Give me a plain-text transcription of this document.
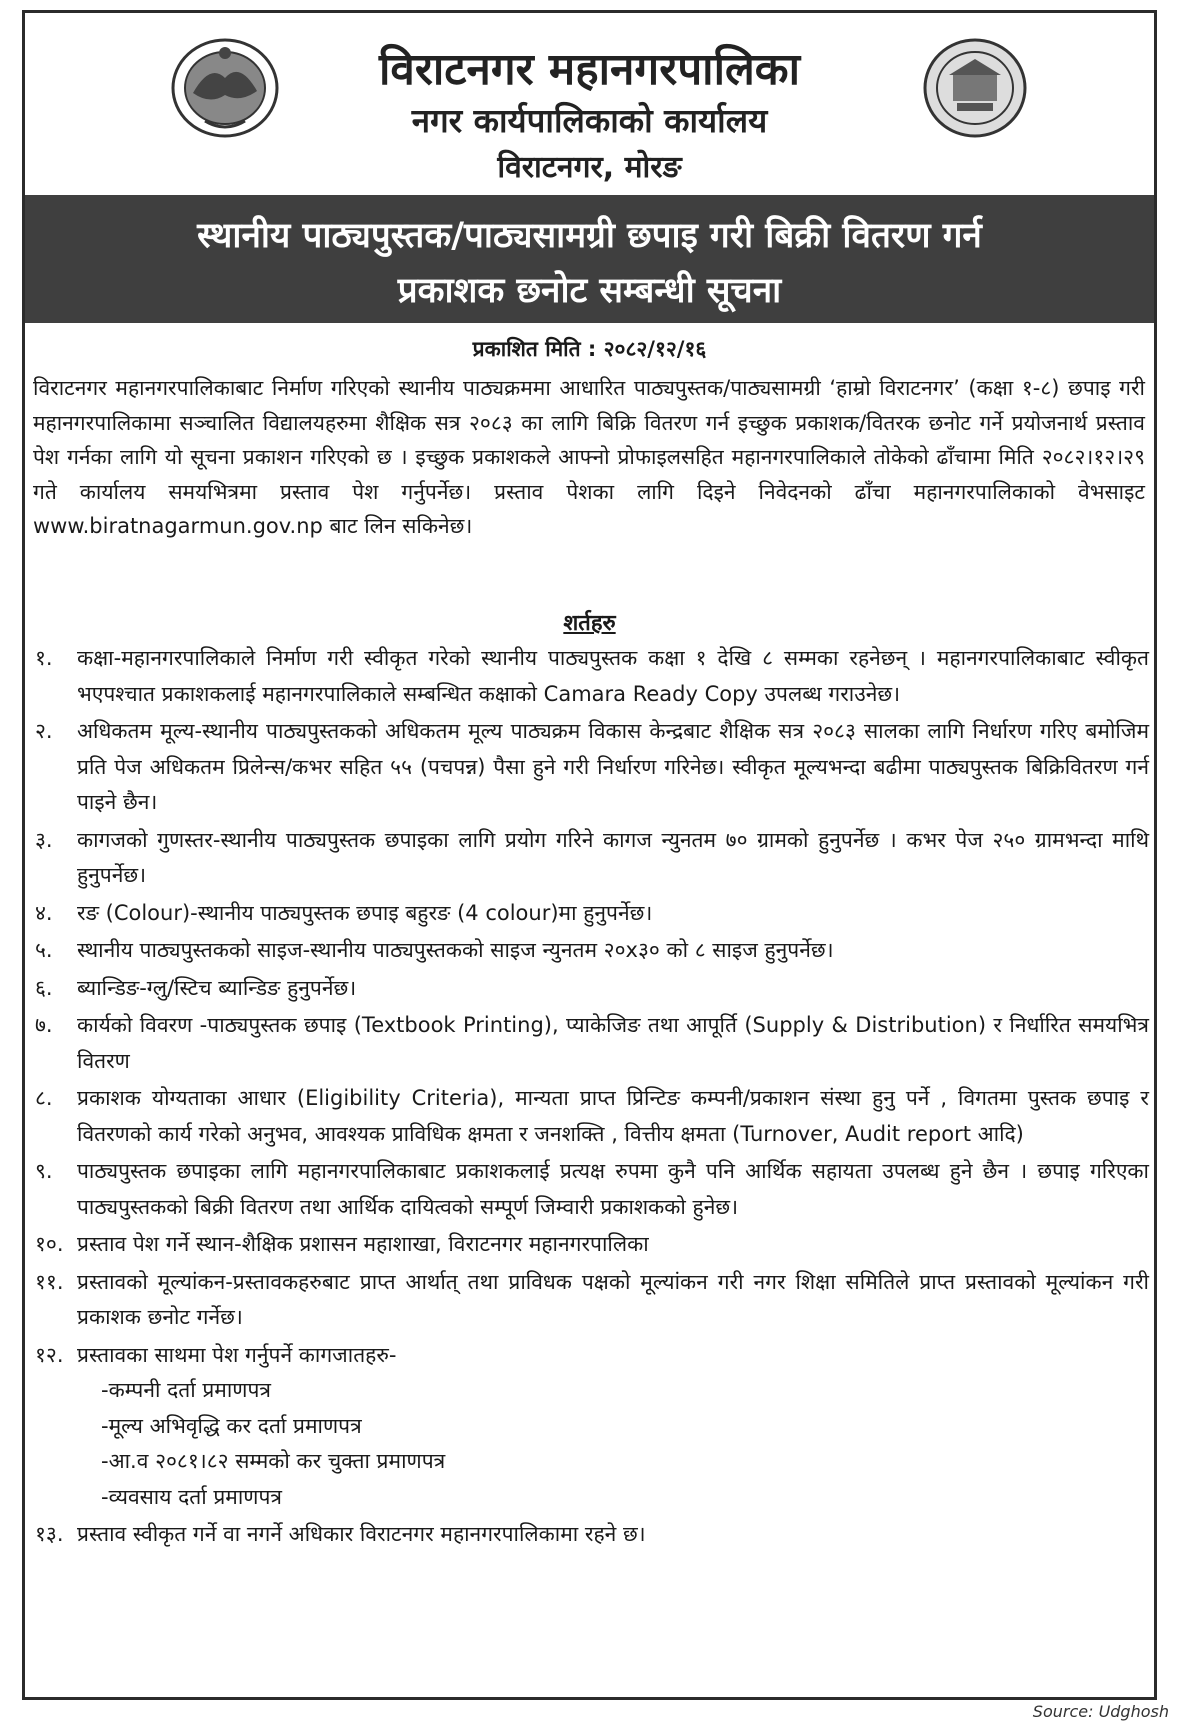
विराटनगर महानगरपालिका
नगर कार्यपालिकाको कार्यालय
विराटनगर, मोरङ
स्थानीय पाठ्यपुस्तक/पाठ्यसामग्री छपाइ गरी बिक्री वितरण गर्न
प्रकाशक छनोट सम्बन्धी सूचना
प्रकाशित मिति : २०८२/१२/१६
विराटनगर महानगरपालिकाबाट निर्माण गरिएको स्थानीय पाठ्यक्रममा आधारित पाठ्यपुस्तक/पाठ्यसामग्री ‘हाम्रो विराटनगर’ (कक्षा १-८) छपाइ गरी महानगरपालिकामा सञ्चालित विद्यालयहरुमा शैक्षिक सत्र २०८३ का लागि बिक्रि वितरण गर्न इच्छुक प्रकाशक/वितरक छनोट गर्ने प्रयोजनार्थ प्रस्ताव पेश गर्नका लागि यो सूचना प्रकाशन गरिएको छ । इच्छुक प्रकाशकले आफ्नो प्रोफाइलसहित महानगरपालिकाले तोकेको ढाँचामा मिति २०८२।१२।२९ गते कार्यालय समयभित्रमा प्रस्ताव पेश गर्नुपर्नेछ। प्रस्ताव पेशका लागि दिइने निवेदनको ढाँचा महानगरपालिकाको वेभसाइट www.biratnagarmun.gov.np बाट लिन सकिनेछ।
शर्तहरु
१. कक्षा-महानगरपालिकाले निर्माण गरी स्वीकृत गरेको स्थानीय पाठ्यपुस्तक कक्षा १ देखि ८ सम्मका रहनेछन् । महानगरपालिकाबाट स्वीकृत भएपश्चात प्रकाशकलाई महानगरपालिकाले सम्बन्धित कक्षाको Camara Ready Copy उपलब्ध गराउनेछ।
२. अधिकतम मूल्य-स्थानीय पाठ्यपुस्तकको अधिकतम मूल्य पाठ्यक्रम विकास केन्द्रबाट शैक्षिक सत्र २०८३ सालका लागि निर्धारण गरिए बमोजिम प्रति पेज अधिकतम प्रिलेन्स/कभर सहित ५५ (पचपन्न) पैसा हुने गरी निर्धारण गरिनेछ। स्वीकृत मूल्यभन्दा बढीमा पाठ्यपुस्तक बिक्रिवितरण गर्न पाइने छैन।
३. कागजको गुणस्तर-स्थानीय पाठ्यपुस्तक छपाइका लागि प्रयोग गरिने कागज न्युनतम ७० ग्रामको हुनुपर्नेछ । कभर पेज २५० ग्रामभन्दा माथि हुनुपर्नेछ।
४. रङ (Colour)-स्थानीय पाठ्यपुस्तक छपाइ बहुरङ (4 colour)मा हुनुपर्नेछ।
५. स्थानीय पाठ्यपुस्तकको साइज-स्थानीय पाठ्यपुस्तकको साइज न्युनतम २०x३० को ८ साइज हुनुपर्नेछ।
६. ब्यान्डिङ-ग्लु/स्टिच ब्यान्डिङ हुनुपर्नेछ।
७. कार्यको विवरण -पाठ्यपुस्तक छपाइ (Textbook Printing), प्याकेजिङ तथा आपूर्ति (Supply & Distribution) र निर्धारित समयभित्र वितरण
८. प्रकाशक योग्यताका आधार (Eligibility Criteria), मान्यता प्राप्त प्रिन्टिङ कम्पनी/प्रकाशन संस्था हुनु पर्ने , विगतमा पुस्तक छपाइ र वितरणको कार्य गरेको अनुभव, आवश्यक प्राविधिक क्षमता र जनशक्ति , वित्तीय क्षमता (Turnover, Audit report आदि)
९. पाठ्यपुस्तक छपाइका लागि महानगरपालिकाबाट प्रकाशकलाई प्रत्यक्ष रुपमा कुनै पनि आर्थिक सहायता उपलब्ध हुने छैन । छपाइ गरिएका पाठ्यपुस्तकको बिक्री वितरण तथा आर्थिक दायित्वको सम्पूर्ण जिम्वारी प्रकाशकको हुनेछ।
१०. प्रस्ताव पेश गर्ने स्थान-शैक्षिक प्रशासन महाशाखा, विराटनगर महानगरपालिका
११. प्रस्तावको मूल्यांकन-प्रस्तावकहरुबाट प्राप्त आर्थात् तथा प्राविधक पक्षको मूल्यांकन गरी नगर शिक्षा समितिले प्राप्त प्रस्तावको मूल्यांकन गरी प्रकाशक छनोट गर्नेछ।
१२. प्रस्तावका साथमा पेश गर्नुपर्ने कागजातहरु-
-कम्पनी दर्ता प्रमाणपत्र
-मूल्य अभिवृद्धि कर दर्ता प्रमाणपत्र
-आ.व २०८१।८२ सम्मको कर चुक्ता प्रमाणपत्र
-व्यवसाय दर्ता प्रमाणपत्र
१३. प्रस्ताव स्वीकृत गर्ने वा नगर्ने अधिकार विराटनगर महानगरपालिकामा रहने छ।
Source: Udghosh
